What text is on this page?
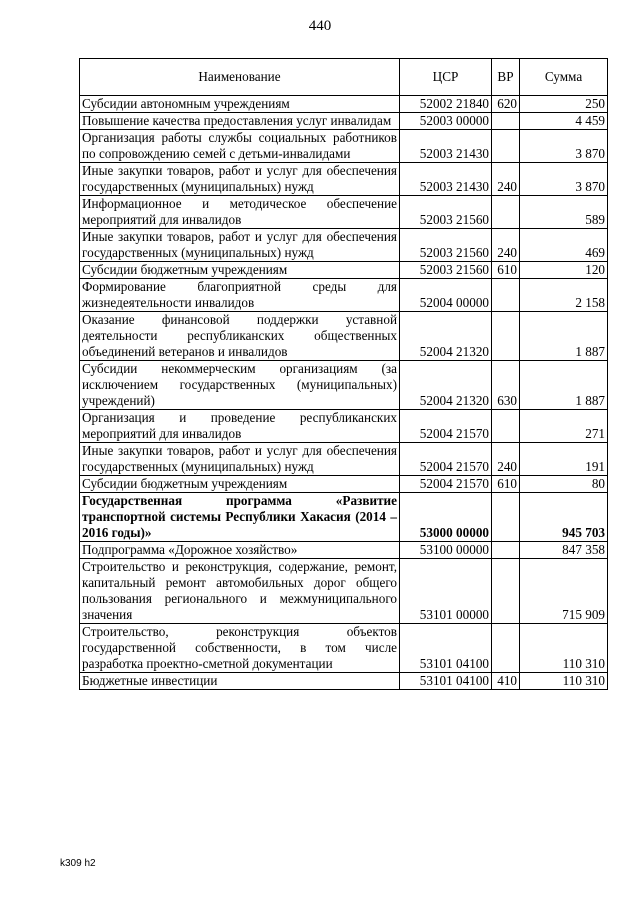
440
Наименование	ЦСР	ВР	Сумма
Субсидии автономным учреждениям	52002 21840	620	250
Повышение качества предоставления услуг инвалидам	52003 00000		4 459
Организация работы службы социальных работников по сопровождению семей с детьми-инвалидами	52003 21430		3 870
Иные закупки товаров, работ и услуг для обеспечения государственных (муниципальных) нужд	52003 21430	240	3 870
Информационное и методическое обеспечение мероприятий для инвалидов	52003 21560		589
Иные закупки товаров, работ и услуг для обеспечения государственных (муниципальных) нужд	52003 21560	240	469
Субсидии бюджетным учреждениям	52003 21560	610	120
Формирование благоприятной среды для жизнедеятельности инвалидов	52004 00000		2 158
Оказание финансовой поддержки уставной деятельности республиканских общественных объединений ветеранов и инвалидов	52004 21320		1 887
Субсидии некоммерческим организациям (за исключением государственных (муниципальных) учреждений)	52004 21320	630	1 887
Организация и проведение республиканских мероприятий для инвалидов	52004 21570		271
Иные закупки товаров, работ и услуг для обеспечения государственных (муниципальных) нужд	52004 21570	240	191
Субсидии бюджетным учреждениям	52004 21570	610	80
Государственная программа «Развитие транспортной системы Республики Хакасия (2014 – 2016 годы)»	53000 00000		945 703
Подпрограмма «Дорожное хозяйство»	53100 00000		847 358
Строительство и реконструкция, содержание, ремонт, капитальный ремонт автомобильных дорог общего пользования регионального и межмуниципального значения	53101 00000		715 909
Строительство, реконструкция объектов государственной собственности, в том числе разработка проектно-сметной документации	53101 04100		110 310
Бюджетные инвестиции	53101 04100	410	110 310
k309 h2
